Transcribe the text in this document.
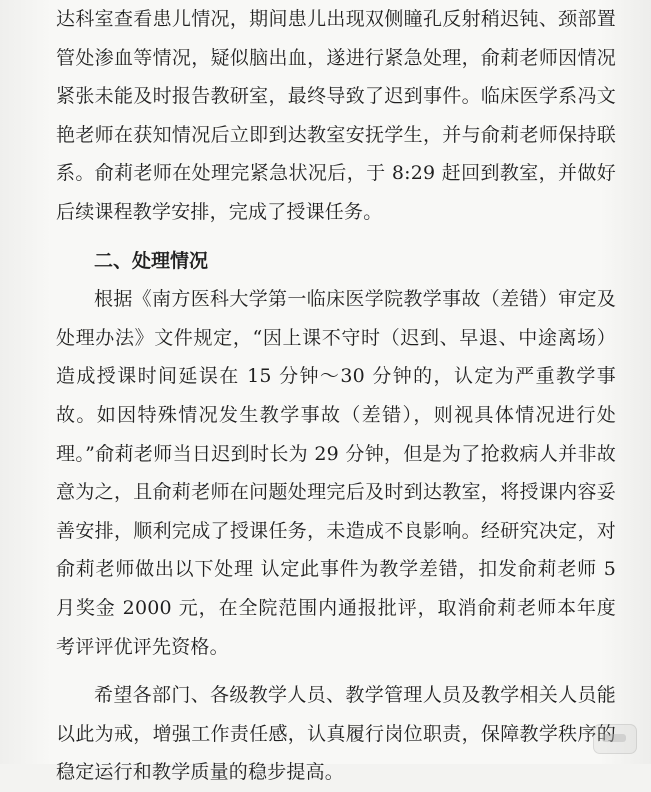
达科室查看患儿情况，期间患儿出现双侧瞳孔反射稍迟钝、颈部置管处渗血等情况，疑似脑出血，遂进行紧急处理，俞莉老师因情况紧张未能及时报告教研室，最终导致了迟到事件。临床医学系冯文艳老师在获知情况后立即到达教室安抚学生，并与俞莉老师保持联系。俞莉老师在处理完紧急状况后，于 8:29 赶回到教室，并做好后续课程教学安排，完成了授课任务。

二、处理情况

根据《南方医科大学第一临床医学院教学事故（差错）审定及处理办法》文件规定，“因上课不守时（迟到、早退、中途离场）造成授课时间延误在 15 分钟～30 分钟的，认定为严重教学事故。如因特殊情况发生教学事故（差错），则视具体情况进行处理。”俞莉老师当日迟到时长为 29 分钟，但是为了抢救病人并非故意为之，且俞莉老师在问题处理完后及时到达教室，将授课内容妥善安排，顺利完成了授课任务，未造成不良影响。经研究决定，对俞莉老师做出以下处理 认定此事件为教学差错，扣发俞莉老师 5 月奖金 2000 元，在全院范围内通报批评，取消俞莉老师本年度考评评优评先资格。

希望各部门、各级教学人员、教学管理人员及教学相关人员能以此为戒，增强工作责任感，认真履行岗位职责，保障教学秩序的稳定运行和教学质量的稳步提高。
